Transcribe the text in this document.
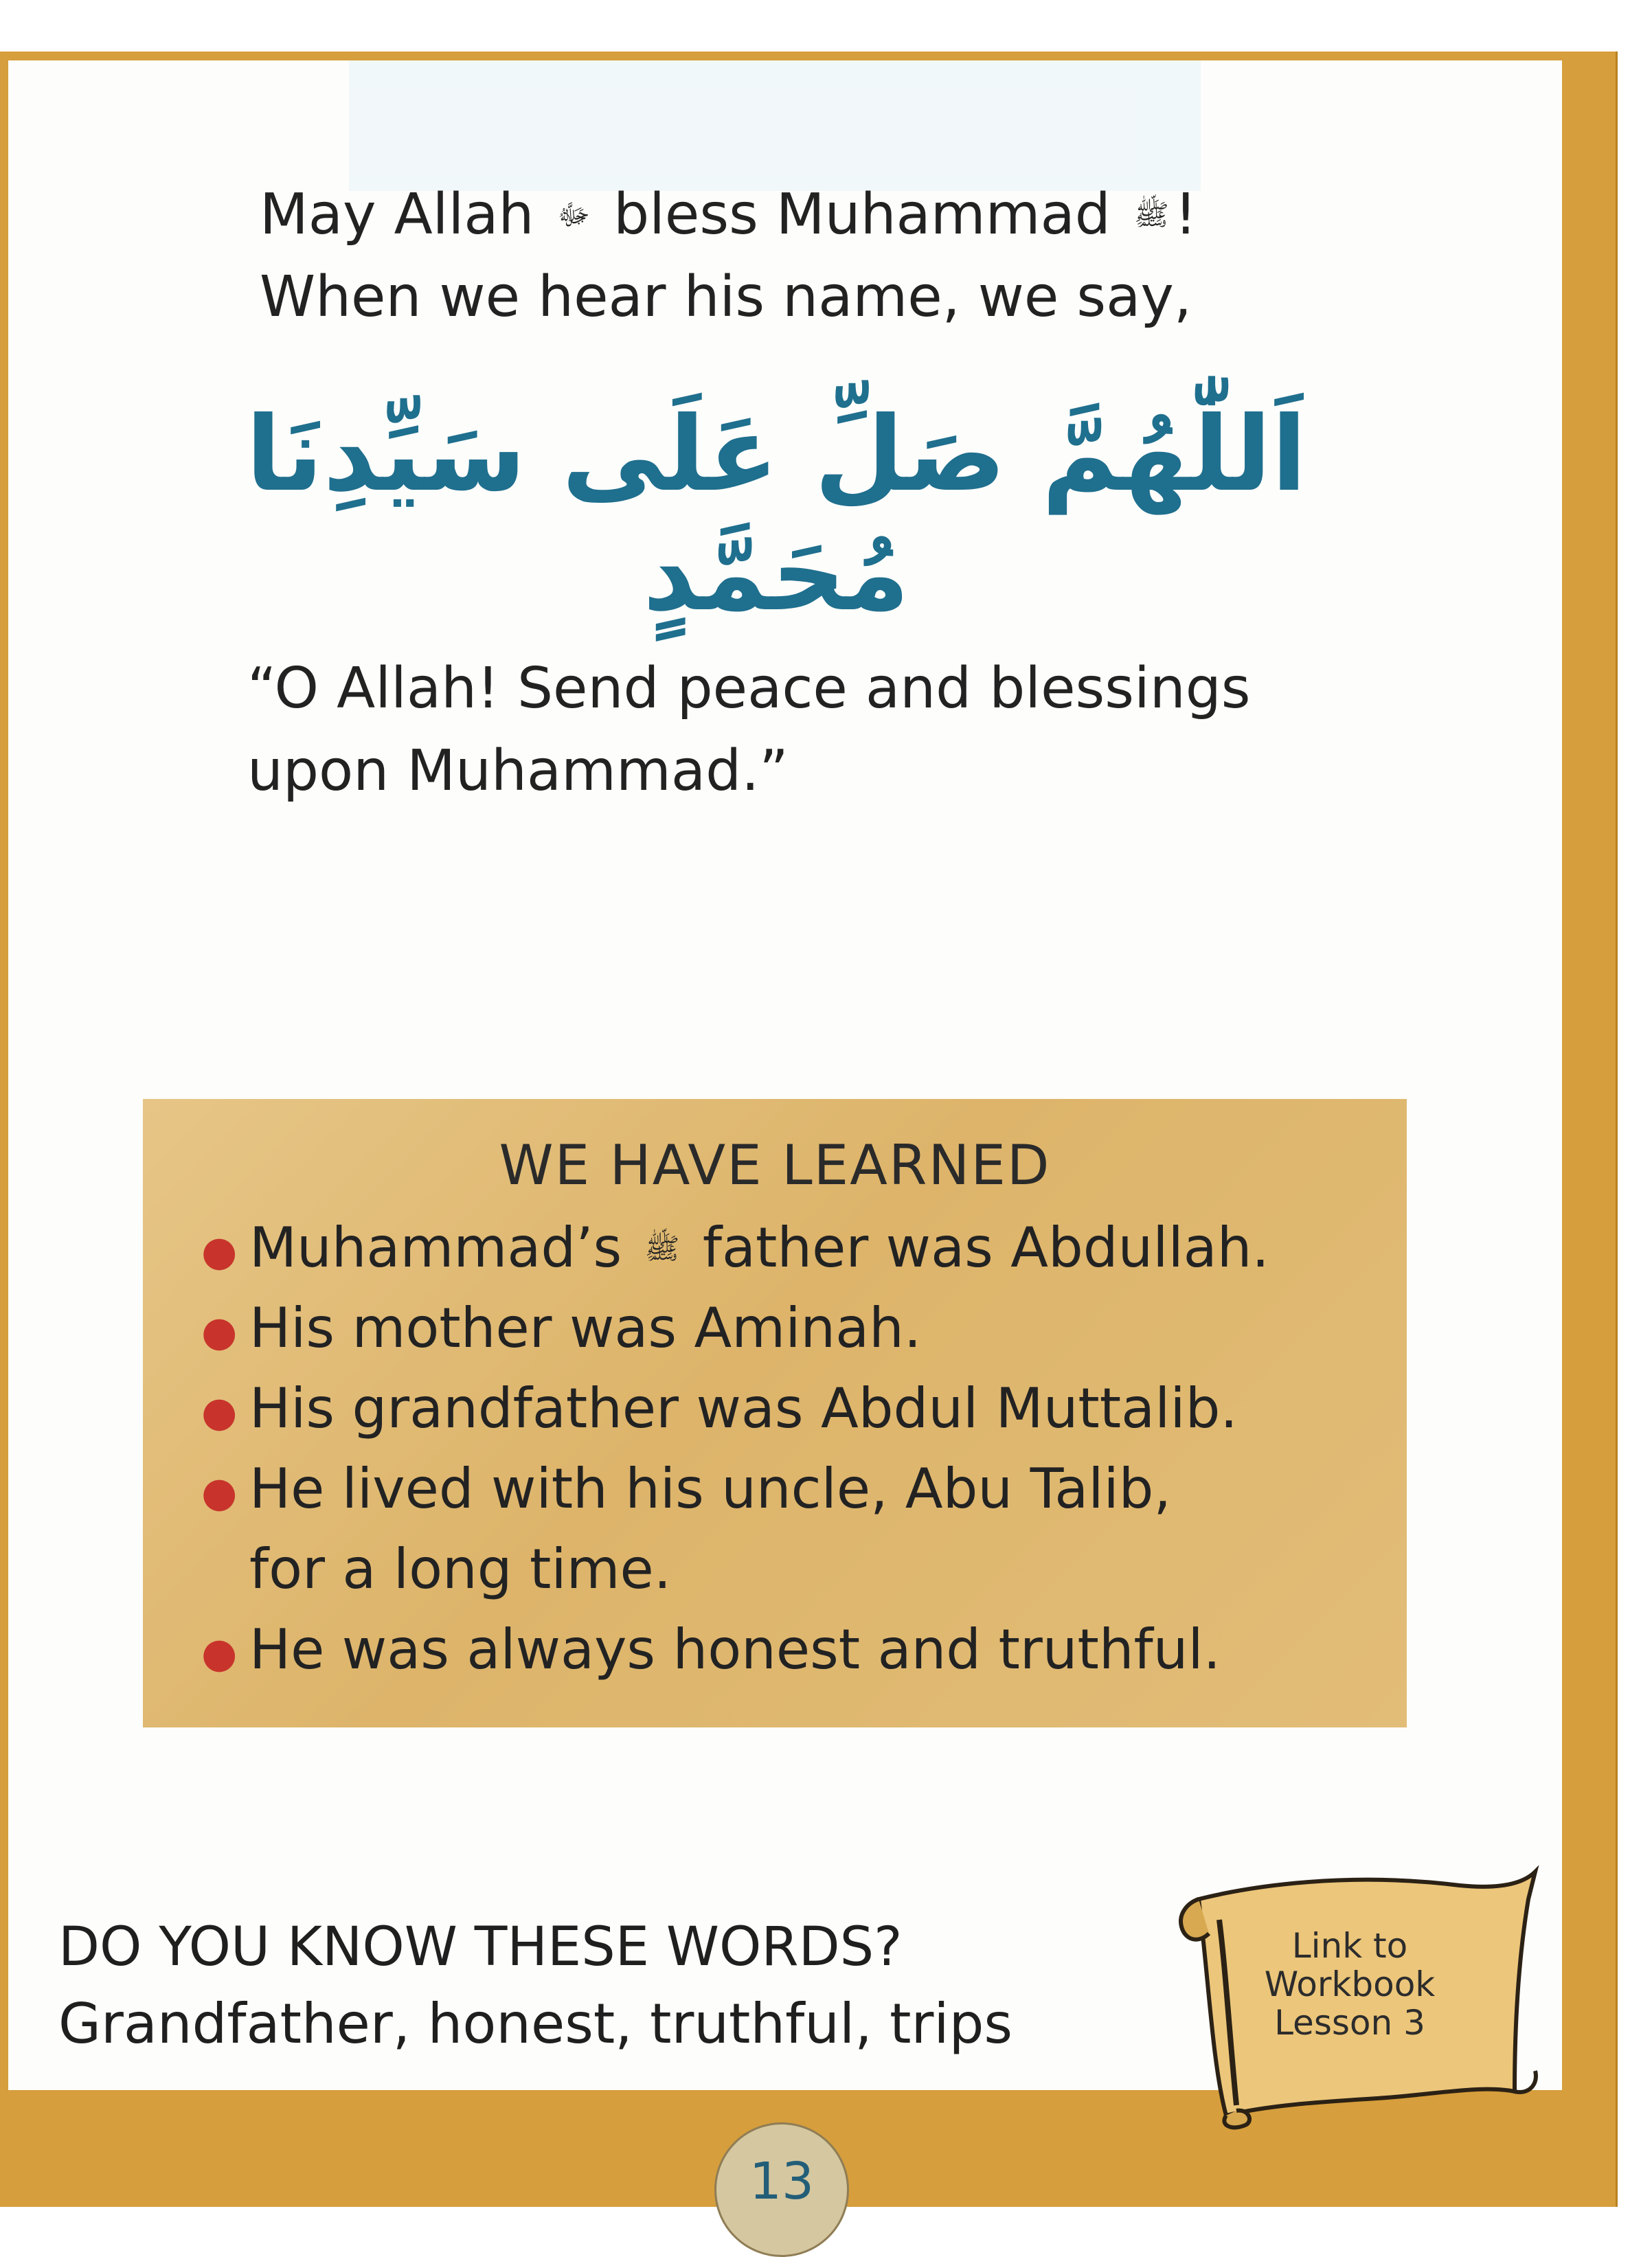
May Allah ﷻ bless Muhammad ﷺ!
When we hear his name, we say,
اَللّٰهُمَّ صَلِّ عَلَى سَيِّدِنَا مُحَمَّدٍ
“O Allah! Send peace and blessings
upon Muhammad.”
WE HAVE LEARNED
● Muhammad’s ﷺ father was Abdullah.
● His mother was Aminah.
● His grandfather was Abdul Muttalib.
● He lived with his uncle, Abu Talib,
for a long time.
● He was always honest and truthful.
DO YOU KNOW THESE WORDS?
Grandfather, honest, truthful, trips
Link to
Workbook
Lesson 3
13
